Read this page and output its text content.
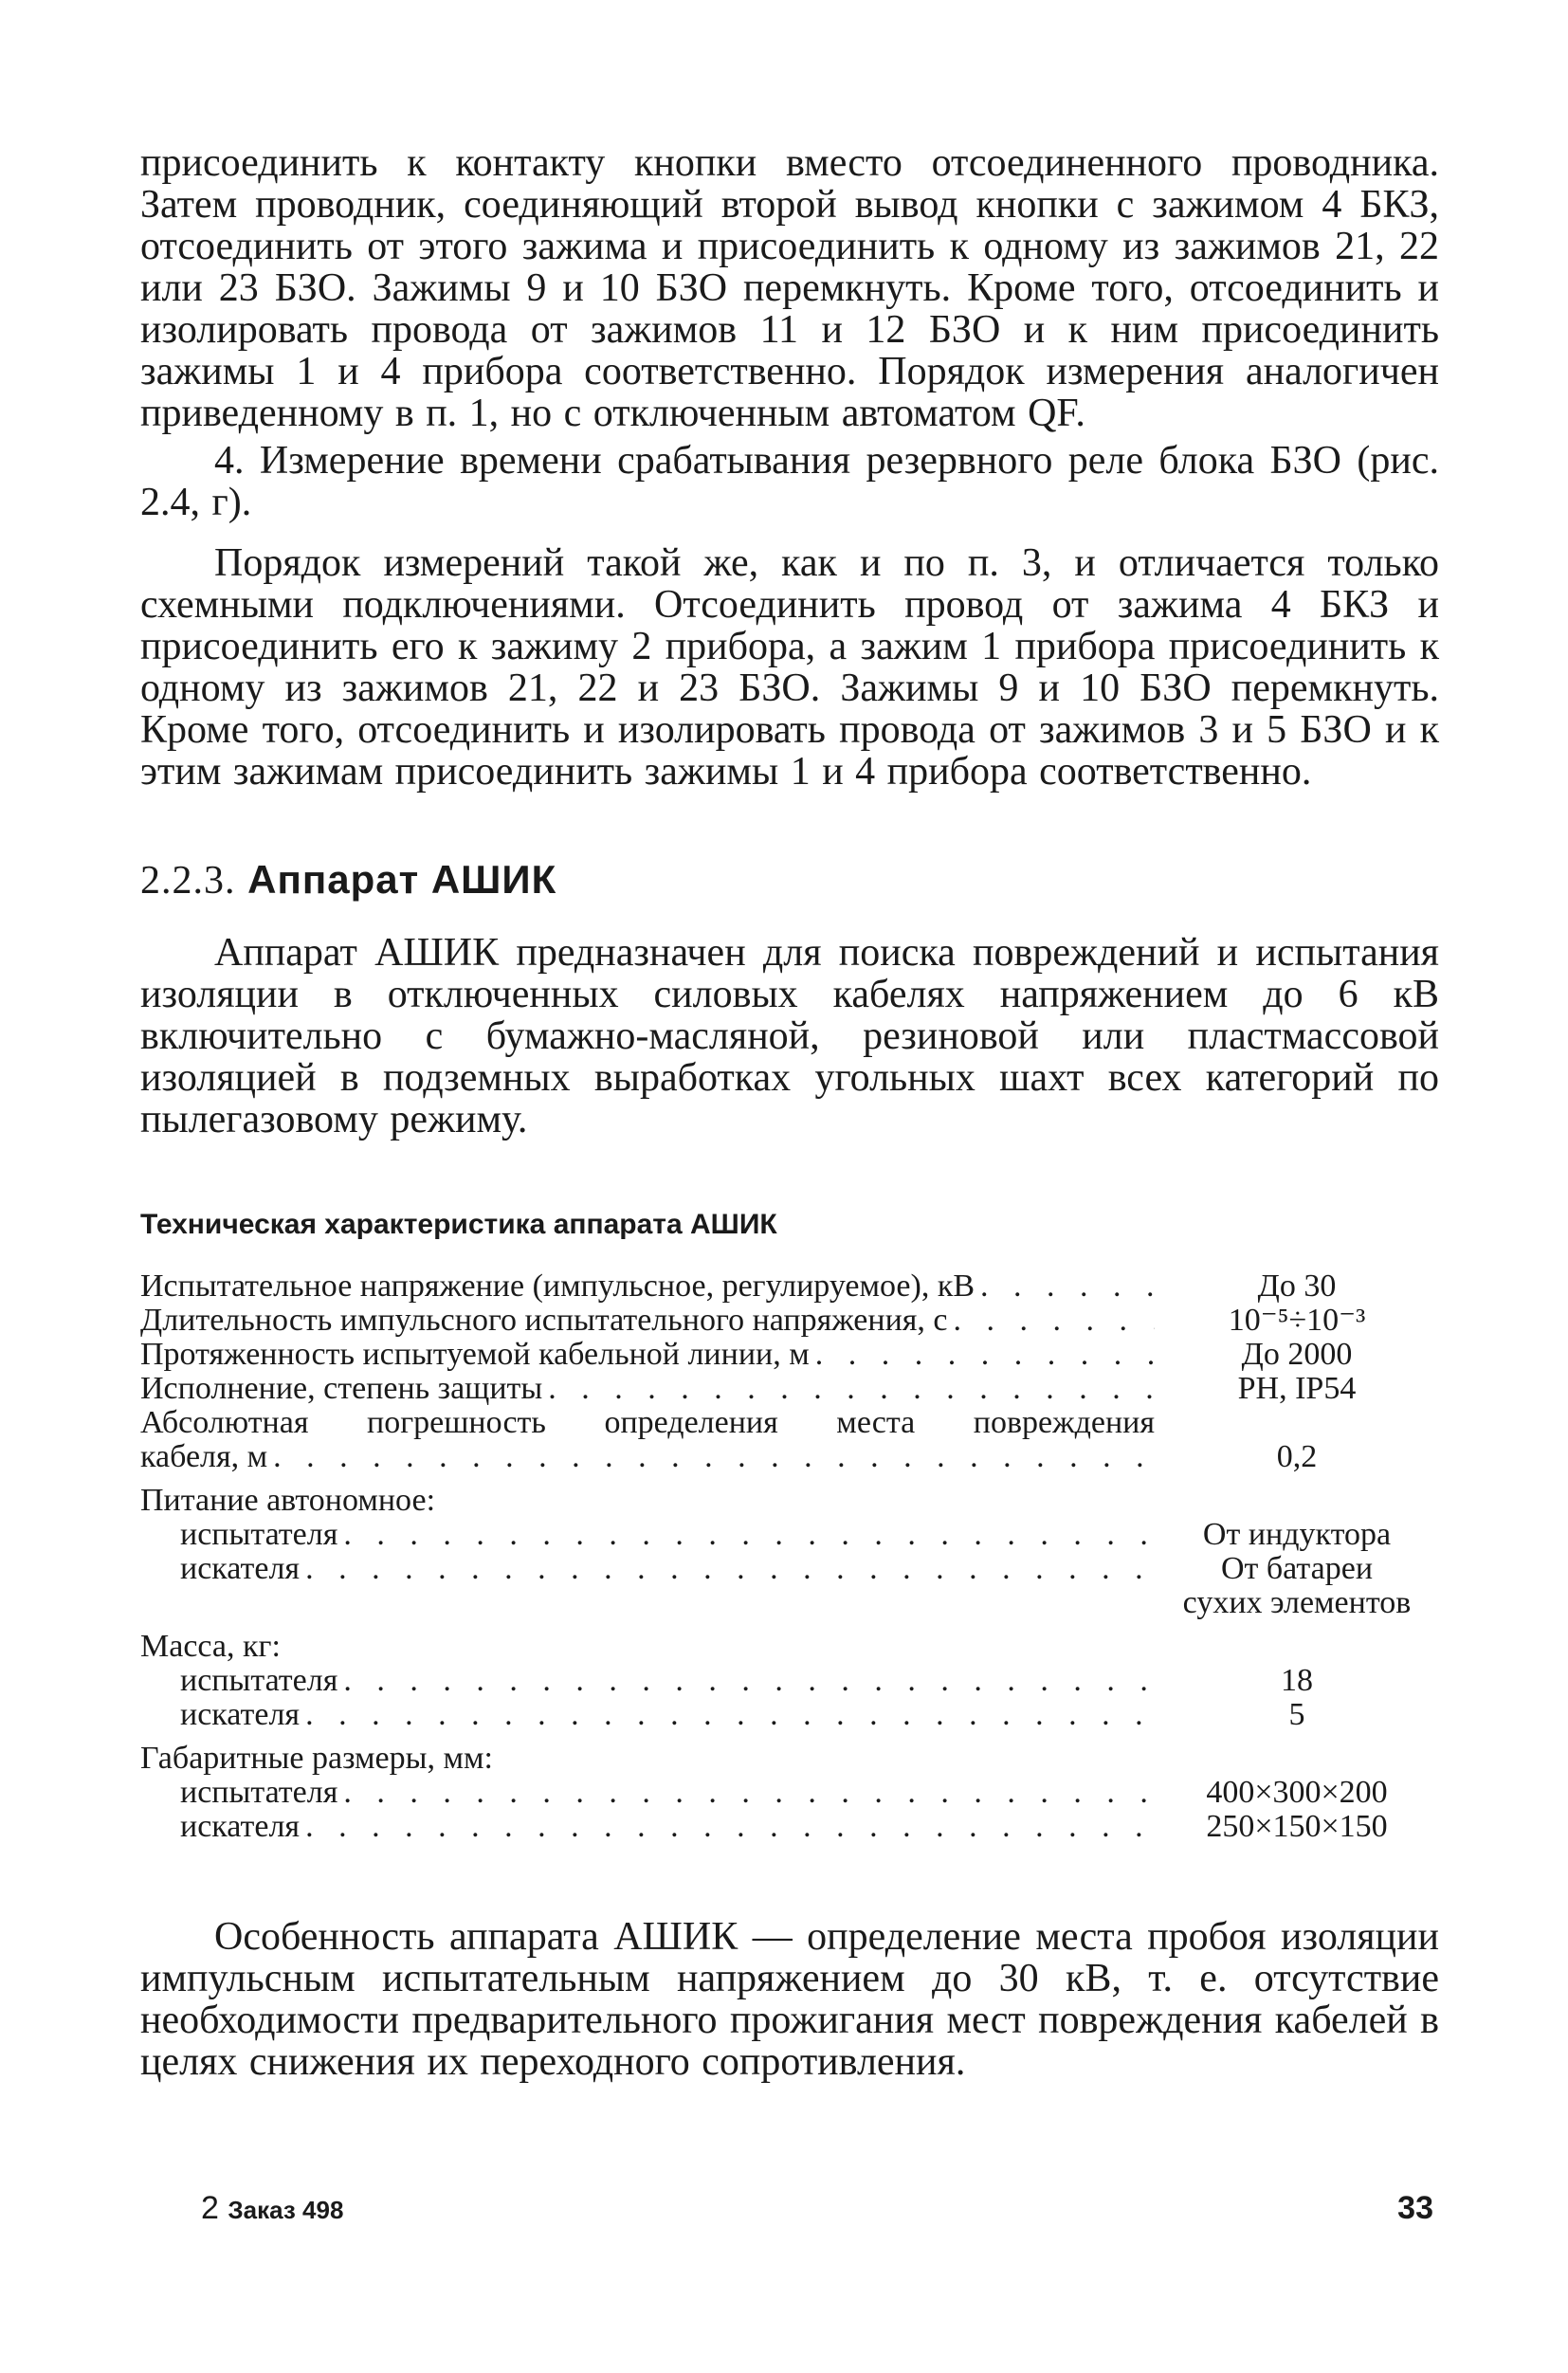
присоединить к контакту кнопки вместо отсоединенного проводника. Затем проводник, соединяющий второй вывод кнопки с зажимом 4 БКЗ, отсоединить от этого зажима и присоединить к одному из зажимов 21, 22 или 23 БЗО. Зажимы 9 и 10 БЗО перемкнуть. Кроме того, отсоединить и изолировать провода от зажимов 11 и 12 БЗО и к ним присоединить зажимы 1 и 4 прибора соответственно. Порядок измерения аналогичен приведенному в п. 1, но с отключенным автоматом QF.

4. Измерение времени срабатывания резервного реле блока БЗО (рис. 2.4, г).

Порядок измерений такой же, как и по п. 3, и отличается только схемными подключениями. Отсоединить провод от зажима 4 БКЗ и присоединить его к зажиму 2 прибора, а зажим 1 прибора присоединить к одному из зажимов 21, 22 и 23 БЗО. Зажимы 9 и 10 БЗО перемкнуть. Кроме того, отсоединить и изолировать провода от зажимов 3 и 5 БЗО и к этим зажимам присоединить зажимы 1 и 4 прибора соответственно.

2.2.3. Аппарат АШИК

Аппарат АШИК предназначен для поиска повреждений и испытания изоляции в отключенных силовых кабелях напряжением до 6 кВ включительно с бумажно-масляной, резиновой или пластмассовой изоляцией в подземных выработках угольных шахт всех категорий по пылегазовому режиму.

Техническая характеристика аппарата АШИК
Испытательное напряжение (импульсное, регулируемое), кВ . . .	До 30
Длительность импульсного испытательного напряжения, с . . .	10⁻⁵÷10⁻³
Протяженность испытуемой кабельной линии, м . . .	До 2000
Исполнение, степень защиты . . .	РН, IP54
Абсолютная погрешность определения места повреждения
кабеля, м . . .	0,2
Питание автономное:
испытателя . . .	От индуктора
искателя . . .	От батареи
сухих элементов
Масса, кг:
испытателя . . .	18
искателя . . .	5
Габаритные размеры, мм:
испытателя . . .	400×300×200
искателя . . .	250×150×150

Особенность аппарата АШИК — определение места пробоя изоляции импульсным испытательным напряжением до 30 кВ, т. е. отсутствие необходимости предварительного прожигания мест повреждения кабелей в целях снижения их переходного сопротивления.

2 Заказ 498	33
